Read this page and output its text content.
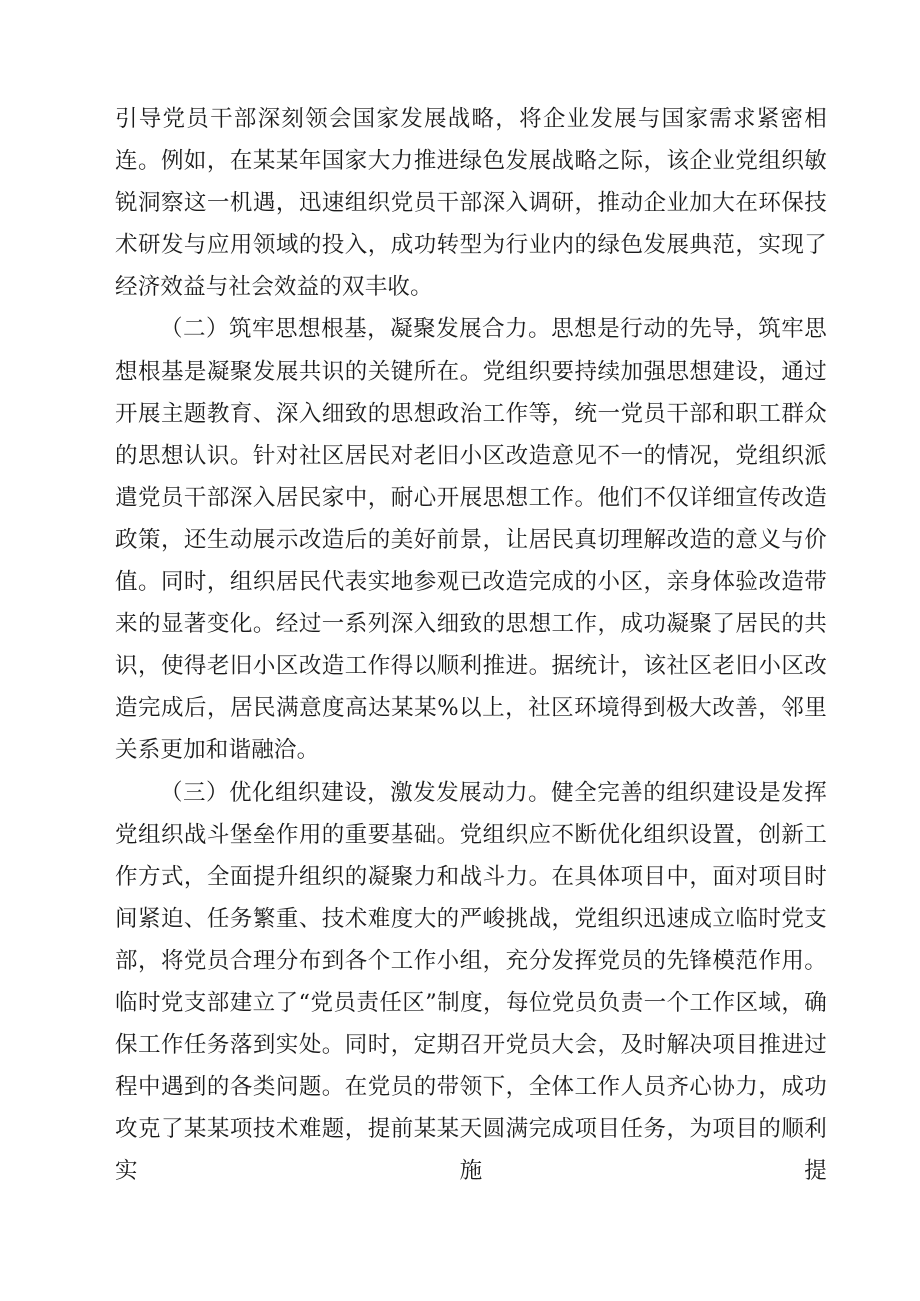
引导党员干部深刻领会国家发展战略，将企业发展与国家需求紧密相连。例如，在某某年国家大力推进绿色发展战略之际，该企业党组织敏锐洞察这一机遇，迅速组织党员干部深入调研，推动企业加大在环保技术研发与应用领域的投入，成功转型为行业内的绿色发展典范，实现了经济效益与社会效益的双丰收。

（二）筑牢思想根基，凝聚发展合力。思想是行动的先导，筑牢思想根基是凝聚发展共识的关键所在。党组织要持续加强思想建设，通过开展主题教育、深入细致的思想政治工作等，统一党员干部和职工群众的思想认识。针对社区居民对老旧小区改造意见不一的情况，党组织派遣党员干部深入居民家中，耐心开展思想工作。他们不仅详细宣传改造政策，还生动展示改造后的美好前景，让居民真切理解改造的意义与价值。同时，组织居民代表实地参观已改造完成的小区，亲身体验改造带来的显著变化。经过一系列深入细致的思想工作，成功凝聚了居民的共识，使得老旧小区改造工作得以顺利推进。据统计，该社区老旧小区改造完成后，居民满意度高达某某%以上，社区环境得到极大改善，邻里关系更加和谐融洽。

（三）优化组织建设，激发发展动力。健全完善的组织建设是发挥党组织战斗堡垒作用的重要基础。党组织应不断优化组织设置，创新工作方式，全面提升组织的凝聚力和战斗力。在具体项目中，面对项目时间紧迫、任务繁重、技术难度大的严峻挑战，党组织迅速成立临时党支部，将党员合理分布到各个工作小组，充分发挥党员的先锋模范作用。临时党支部建立了“党员责任区”制度，每位党员负责一个工作区域，确保工作任务落到实处。同时，定期召开党员大会，及时解决项目推进过程中遇到的各类问题。在党员的带领下，全体工作人员齐心协力，成功攻克了某某项技术难题，提前某某天圆满完成项目任务，为项目的顺利实施提
